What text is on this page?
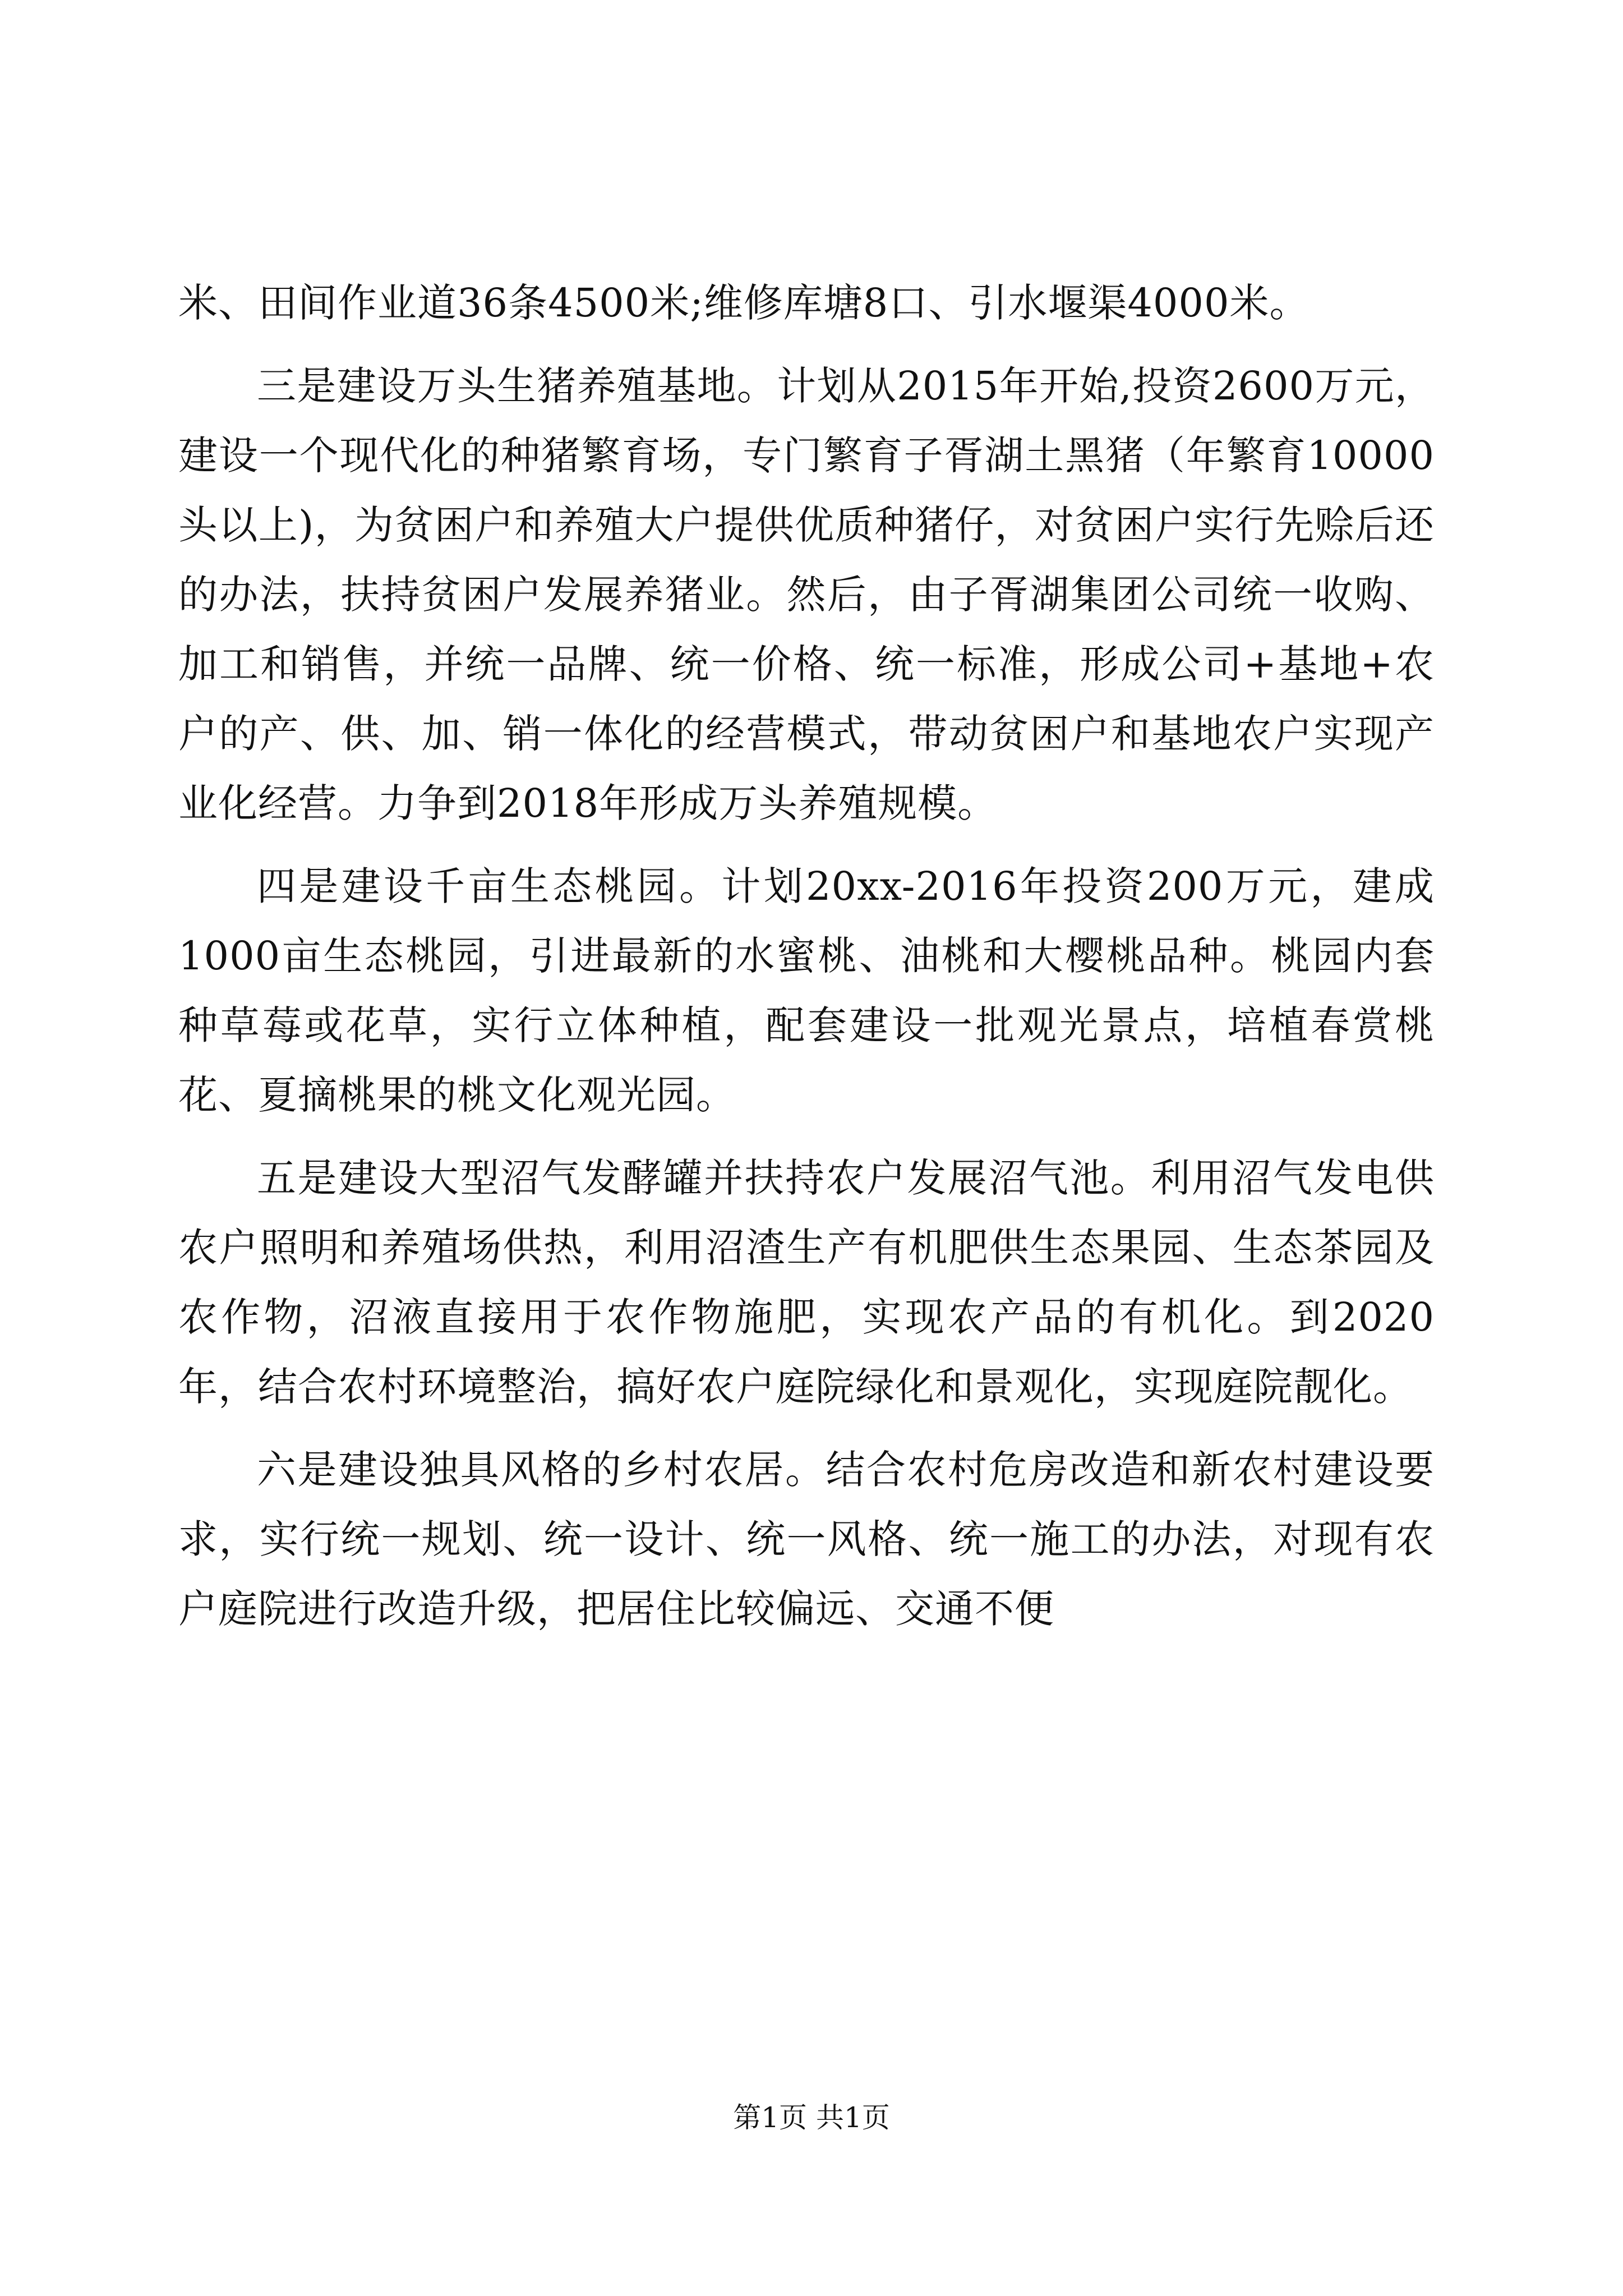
米、田间作业道36条4500米;维修库塘8口、引水堰渠4000米。

三是建设万头生猪养殖基地。计划从2015年开始,投资2600万元，建设一个现代化的种猪繁育场，专门繁育子胥湖土黑猪（年繁育10000头以上)，为贫困户和养殖大户提供优质种猪仔，对贫困户实行先赊后还的办法，扶持贫困户发展养猪业。然后，由子胥湖集团公司统一收购、加工和销售，并统一品牌、统一价格、统一标准，形成公司+基地+农户的产、供、加、销一体化的经营模式，带动贫困户和基地农户实现产业化经营。力争到2018年形成万头养殖规模。

四是建设千亩生态桃园。计划20xx-2016年投资200万元，建成1000亩生态桃园，引进最新的水蜜桃、油桃和大樱桃品种。桃园内套种草莓或花草，实行立体种植，配套建设一批观光景点，培植春赏桃花、夏摘桃果的桃文化观光园。

五是建设大型沼气发酵罐并扶持农户发展沼气池。利用沼气发电供农户照明和养殖场供热，利用沼渣生产有机肥供生态果园、生态茶园及农作物，沼液直接用于农作物施肥，实现农产品的有机化。到2020年，结合农村环境整治，搞好农户庭院绿化和景观化，实现庭院靓化。

六是建设独具风格的乡村农居。结合农村危房改造和新农村建设要求，实行统一规划、统一设计、统一风格、统一施工的办法，对现有农户庭院进行改造升级，把居住比较偏远、交通不便

第1页 共1页
